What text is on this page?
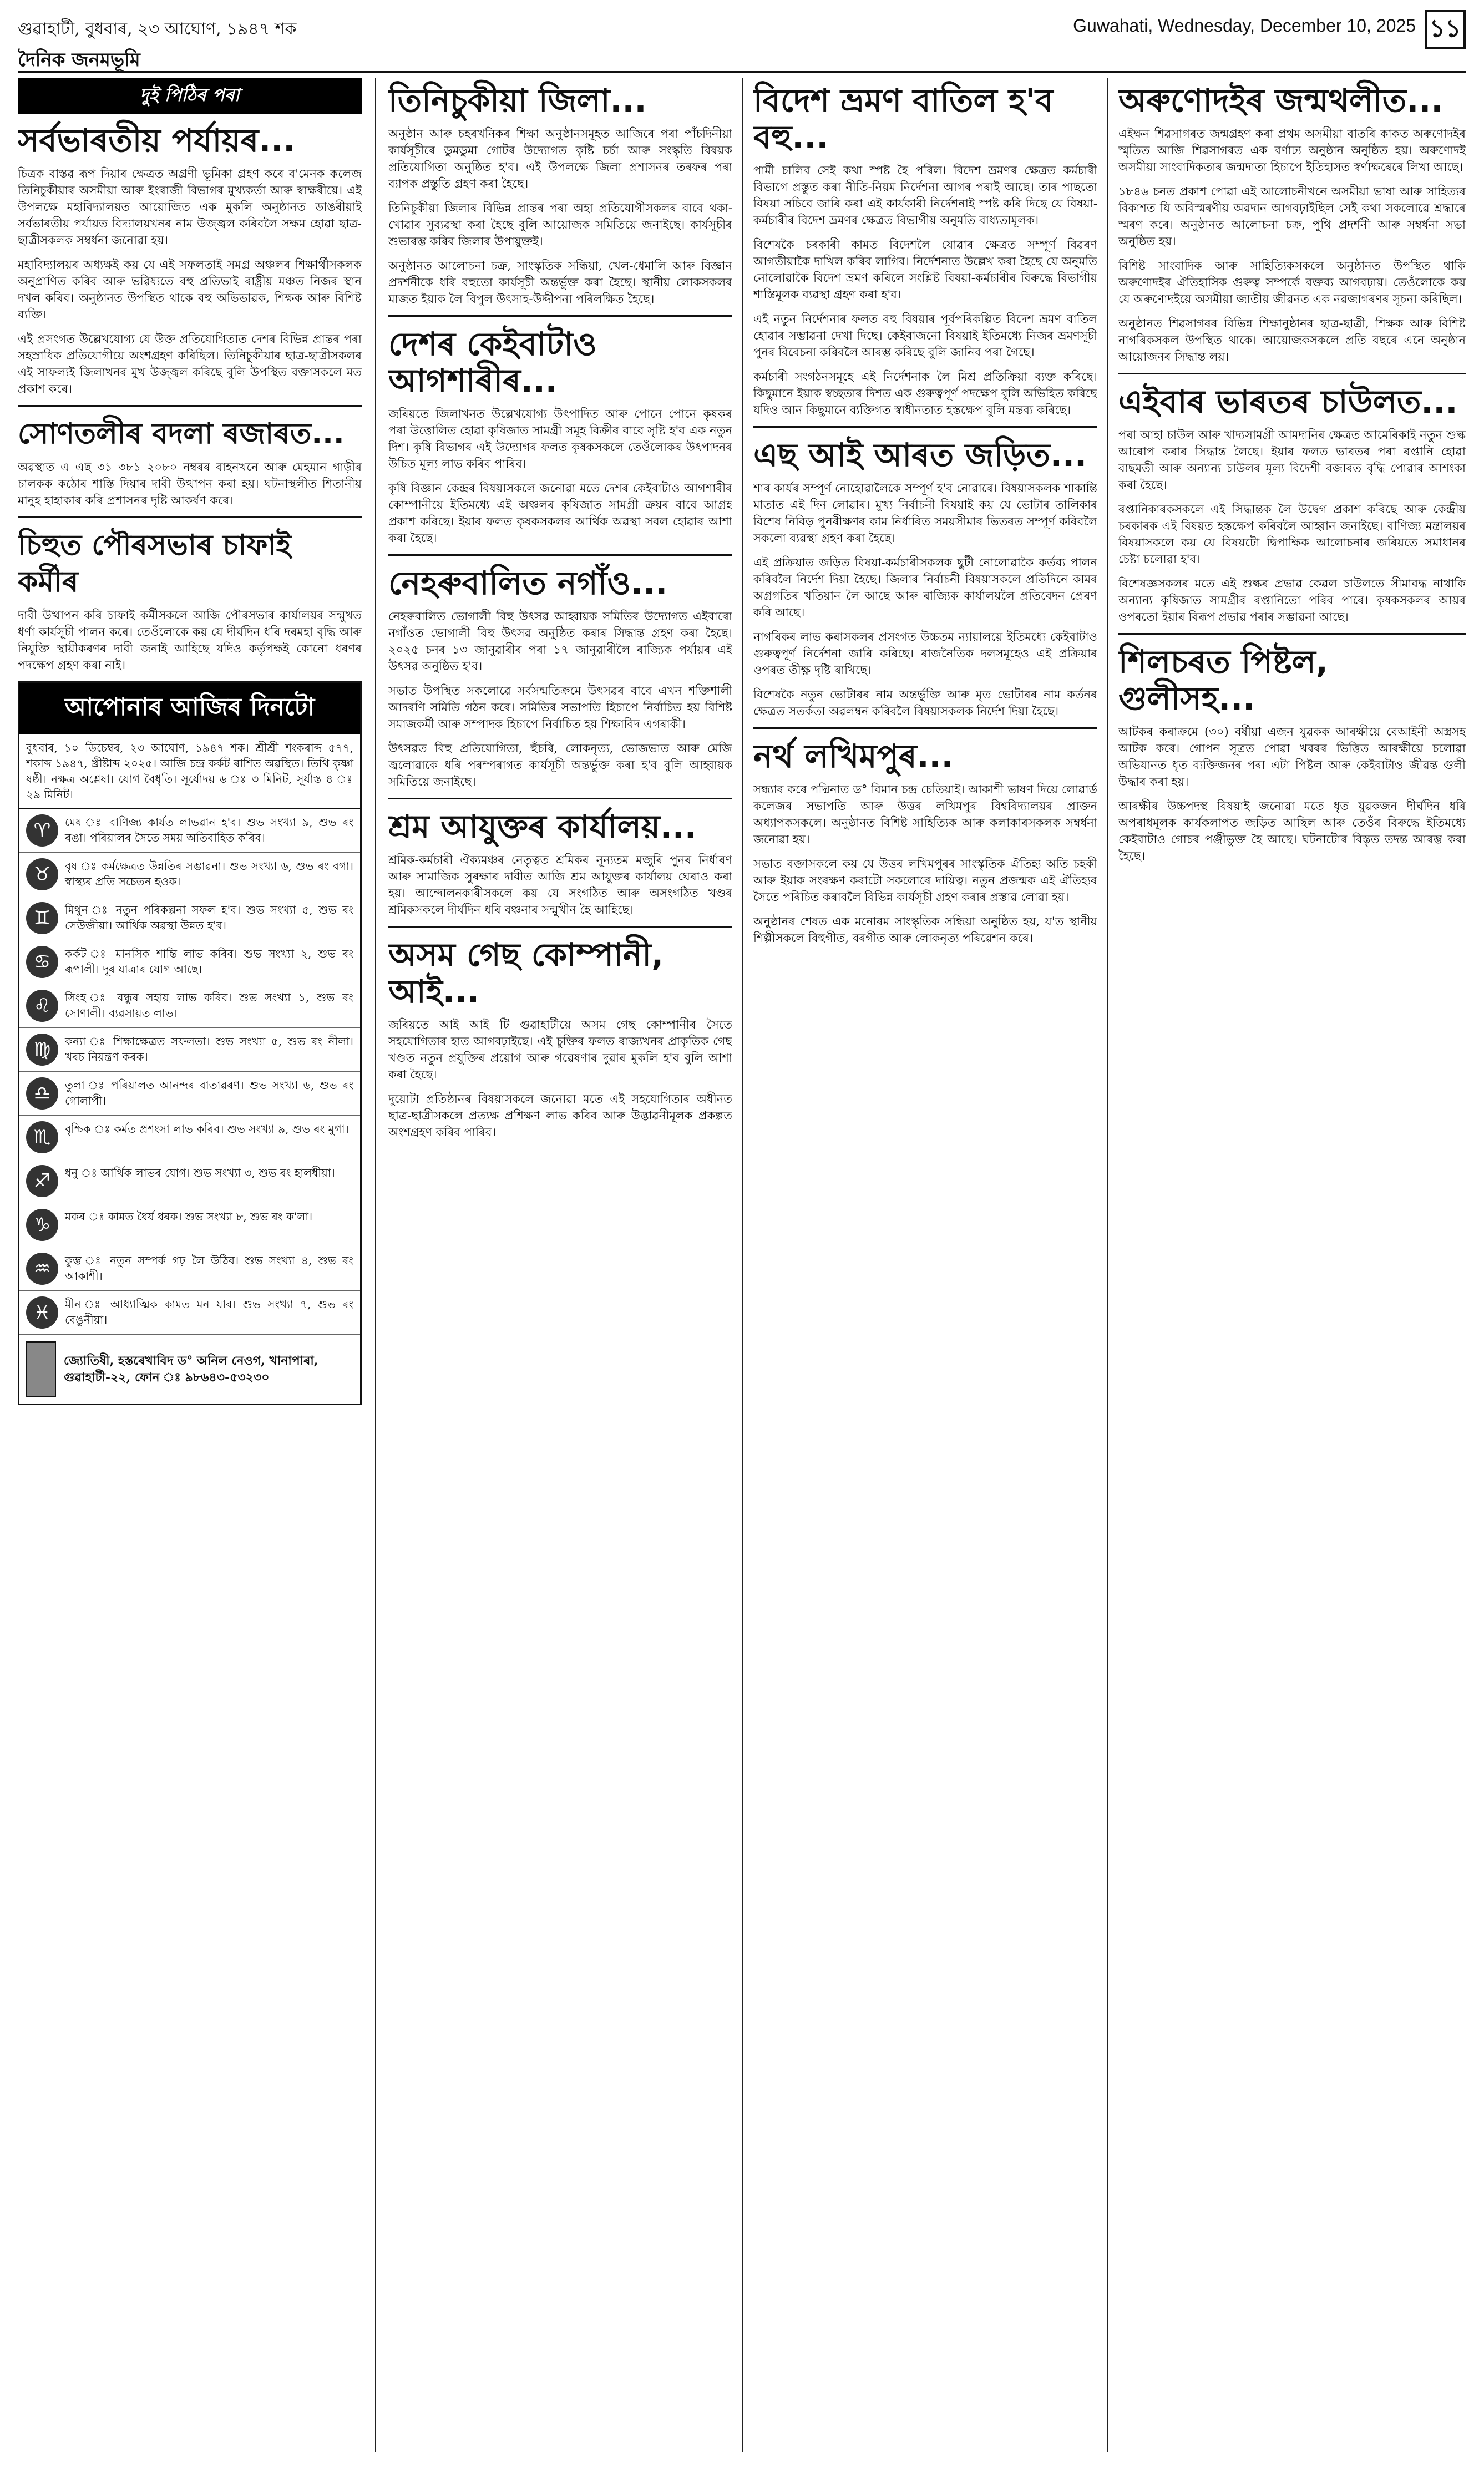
গুৱাহাটী, বুধবাৰ, ২৩ আঘোণ, ১৯৪৭ শক	Guwahati, Wednesday, December 10, 2025 ১১
দৈনিক জনমভূমি
দুই পিঠিৰ পৰা
সৰ্বভাৰতীয় পৰ্যায়ৰ...

চিত্ৰক বাস্তৱ ৰূপ দিয়াৰ ক্ষেত্ৰত অগ্ৰণী ভূমিকা গ্ৰহণ কৰে ব'মেনক কলেজ তিনিচুকীয়াৰ অসমীয়া আৰু ইংৰাজী বিভাগৰ মুখ্যকৰ্তা আৰু স্বাক্ষৰীয়ে। এই উপলক্ষে মহাবিদ্যালয়ত আয়োজিত এক মুকলি অনুষ্ঠানত ডাঙৰীয়াই সৰ্বভাৰতীয় পৰ্যায়ত বিদ্যালয়খনৰ নাম উজ্জ্বল কৰিবলৈ সক্ষম হোৱা ছাত্ৰ-ছাত্ৰীসকলক সম্বৰ্ধনা জনোৱা হয়।

মহাবিদ্যালয়ৰ অধ্যক্ষই কয় যে এই সফলতাই সমগ্ৰ অঞ্চলৰ শিক্ষাৰ্থীসকলক অনুপ্ৰাণিত কৰিব আৰু ভৱিষ্যতে বহু প্ৰতিভাই ৰাষ্ট্ৰীয় মঞ্চত নিজৰ স্থান দখল কৰিব। অনুষ্ঠানত উপস্থিত থাকে বহু অভিভাৱক, শিক্ষক আৰু বিশিষ্ট ব্যক্তি।

এই প্ৰসংগত উল্লেখযোগ্য যে উক্ত প্ৰতিযোগিতাত দেশৰ বিভিন্ন প্ৰান্তৰ পৰা সহস্ৰাধিক প্ৰতিযোগীয়ে অংশগ্ৰহণ কৰিছিল। তিনিচুকীয়াৰ ছাত্ৰ-ছাত্ৰীসকলৰ এই সাফল্যই জিলাখনৰ মুখ উজ্জ্বল কৰিছে বুলি উপস্থিত বক্তাসকলে মত প্ৰকাশ কৰে।

সোণতলীৰ বদলা ৰজাৰত...

অৱস্থাত এ এছ ৩১ ৩৮১ ২০৮০ নম্বৰৰ বাহনখনে আৰু মেহমান গাড়ীৰ চালকক কঠোৰ শাস্তি দিয়াৰ দাবী উত্থাপন কৰা হয়। ঘটনাস্থলীত শিতানীয় মানুহ হাহাকাৰ কৰি প্ৰশাসনৰ দৃষ্টি আকৰ্ষণ কৰে।

চিহুত পৌৰসভাৰ চাফাই কৰ্মীৰ

দাবী উত্থাপন কৰি চাফাই কৰ্মীসকলে আজি পৌৰসভাৰ কাৰ্যালয়ৰ সন্মুখত ধৰ্ণা কাৰ্যসূচী পালন কৰে। তেওঁলোকে কয় যে দীৰ্ঘদিন ধৰি দৰমহা বৃদ্ধি আৰু নিযুক্তি স্থায়ীকৰণৰ দাবী জনাই আহিছে যদিও কৰ্তৃপক্ষই কোনো ধৰণৰ পদক্ষেপ গ্ৰহণ কৰা নাই।

আপোনাৰ আজিৰ দিনটো
বুধবাৰ, ১০ ডিচেম্বৰ, ২৩ আঘোণ, ১৯৪৭ শক। শ্ৰীশ্ৰী শংকৰাব্দ ৫৭৭, শকাব্দ ১৯৪৭, খ্ৰীষ্টাব্দ ২০২৫। আজি চন্দ্ৰ কৰ্কট ৰাশিত অৱস্থিত। তিথি কৃষ্ণা ষষ্ঠী। নক্ষত্ৰ অশ্লেষা। যোগ বৈধৃতি। সূৰ্যোদয় ৬ ঃ ৩ মিনিট, সূৰ্যাস্ত ৪ ঃ ২৯ মিনিট।
♈	মেষ ঃ বাণিজ্য কাৰ্যত লাভৱান হ'ব। শুভ সংখ্যা ৯, শুভ ৰং ৰঙা। পৰিয়ালৰ সৈতে সময় অতিবাহিত কৰিব।
♉	বৃষ ঃ কৰ্মক্ষেত্ৰত উন্নতিৰ সম্ভাৱনা। শুভ সংখ্যা ৬, শুভ ৰং বগা। স্বাস্থ্যৰ প্ৰতি সচেতন হওক।
♊	মিথুন ঃ নতুন পৰিকল্পনা সফল হ'ব। শুভ সংখ্যা ৫, শুভ ৰং সেউজীয়া। আৰ্থিক অৱস্থা উন্নত হ'ব।
♋	কৰ্কট ঃ মানসিক শান্তি লাভ কৰিব। শুভ সংখ্যা ২, শুভ ৰং ৰূপালী। দূৰ যাত্ৰাৰ যোগ আছে।
♌	সিংহ ঃ বন্ধুৰ সহায় লাভ কৰিব। শুভ সংখ্যা ১, শুভ ৰং সোণালী। ব্যৱসায়ত লাভ।
♍	কন্যা ঃ শিক্ষাক্ষেত্ৰত সফলতা। শুভ সংখ্যা ৫, শুভ ৰং নীলা। খৰচ নিয়ন্ত্ৰণ কৰক।
♎	তুলা ঃ পৰিয়ালত আনন্দৰ বাতাৱৰণ। শুভ সংখ্যা ৬, শুভ ৰং গোলাপী।
♏	বৃশ্চিক ঃ কৰ্মত প্ৰশংসা লাভ কৰিব। শুভ সংখ্যা ৯, শুভ ৰং মুগা।
♐	ধনু ঃ আৰ্থিক লাভৰ যোগ। শুভ সংখ্যা ৩, শুভ ৰং হালধীয়া।
♑	মকৰ ঃ কামত ধৈৰ্য ধৰক। শুভ সংখ্যা ৮, শুভ ৰং ক'লা।
♒	কুম্ভ ঃ নতুন সম্পৰ্ক গঢ় লৈ উঠিব। শুভ সংখ্যা ৪, শুভ ৰং আকাশী।
♓	মীন ঃ আধ্যাত্মিক কামত মন যাব। শুভ সংখ্যা ৭, শুভ ৰং বেঙুনীয়া।
জ্যোতিষী, হস্তৰেখাবিদ ড° অনিল নেওগ, খানাপাৰা, গুৱাহাটী-২২, ফোন ঃ ৯৮৬৪৩-৫৩২৩০
তিনিচুকীয়া জিলা...

অনুষ্ঠান আৰু চহৰখনিকৰ শিক্ষা অনুষ্ঠানসমূহত আজিৰে পৰা পাঁচদিনীয়া কাৰ্যসূচীৰে ডুমডুমা গোটৰ উদ্যোগত কৃষ্টি চৰ্চা আৰু সংস্কৃতি বিষয়ক প্ৰতিযোগিতা অনুষ্ঠিত হ'ব। এই উপলক্ষে জিলা প্ৰশাসনৰ তৰফৰ পৰা ব্যাপক প্ৰস্তুতি গ্ৰহণ কৰা হৈছে।

তিনিচুকীয়া জিলাৰ বিভিন্ন প্ৰান্তৰ পৰা অহা প্ৰতিযোগীসকলৰ বাবে থকা-খোৱাৰ সুব্যৱস্থা কৰা হৈছে বুলি আয়োজক সমিতিয়ে জনাইছে। কাৰ্যসূচীৰ শুভাৰম্ভ কৰিব জিলাৰ উপায়ুক্তই।

অনুষ্ঠানত আলোচনা চক্ৰ, সাংস্কৃতিক সন্ধিয়া, খেল-ধেমালি আৰু বিজ্ঞান প্ৰদৰ্শনীকে ধৰি বহুতো কাৰ্যসূচী অন্তৰ্ভুক্ত কৰা হৈছে। স্থানীয় লোকসকলৰ মাজত ইয়াক লৈ বিপুল উৎসাহ-উদ্দীপনা পৰিলক্ষিত হৈছে।

দেশৰ কেইবাটাও আগশাৰীৰ...

জৰিয়তে জিলাখনত উল্লেখযোগ্য উৎপাদিত আৰু পোনে পোনে কৃষকৰ পৰা উত্তোলিত হোৱা কৃষিজাত সামগ্ৰী সমূহ বিক্ৰীৰ বাবে সৃষ্টি হ'ব এক নতুন দিশ। কৃষি বিভাগৰ এই উদ্যোগৰ ফলত কৃষকসকলে তেওঁলোকৰ উৎপাদনৰ উচিত মূল্য লাভ কৰিব পাৰিব।

কৃষি বিজ্ঞান কেন্দ্ৰৰ বিষয়াসকলে জনোৱা মতে দেশৰ কেইবাটাও আগশাৰীৰ কোম্পানীয়ে ইতিমধ্যে এই অঞ্চলৰ কৃষিজাত সামগ্ৰী ক্ৰয়ৰ বাবে আগ্ৰহ প্ৰকাশ কৰিছে। ইয়াৰ ফলত কৃষকসকলৰ আৰ্থিক অৱস্থা সবল হোৱাৰ আশা কৰা হৈছে।

নেহৰুবালিত নগাঁও...

নেহৰুবালিত ভোগালী বিহু উৎসৱ আহ্বায়ক সমিতিৰ উদ্যোগত এইবাৰো নগাঁওত ভোগালী বিহু উৎসৱ অনুষ্ঠিত কৰাৰ সিদ্ধান্ত গ্ৰহণ কৰা হৈছে। ২০২৫ চনৰ ১৩ জানুৱাৰীৰ পৰা ১৭ জানুৱাৰীলৈ ৰাজ্যিক পৰ্যায়ৰ এই উৎসৱ অনুষ্ঠিত হ'ব।

সভাত উপস্থিত সকলোৱে সৰ্বসন্মতিক্ৰমে উৎসৱৰ বাবে এখন শক্তিশালী আদৰণি সমিতি গঠন কৰে। সমিতিৰ সভাপতি হিচাপে নিৰ্বাচিত হয় বিশিষ্ট সমাজকৰ্মী আৰু সম্পাদক হিচাপে নিৰ্বাচিত হয় শিক্ষাবিদ এগৰাকী।

উৎসৱত বিহু প্ৰতিযোগিতা, হুঁচৰি, লোকনৃত্য, ভোজভাত আৰু মেজি জ্বলোৱাকে ধৰি পৰম্পৰাগত কাৰ্যসূচী অন্তৰ্ভুক্ত কৰা হ'ব বুলি আহ্বায়ক সমিতিয়ে জনাইছে।

শ্ৰম আযুক্তৰ কাৰ্যালয়...

শ্ৰমিক-কৰ্মচাৰী ঐক্যমঞ্চৰ নেতৃত্বত শ্ৰমিকৰ নূন্যতম মজুৰি পুনৰ নিৰ্ধাৰণ আৰু সামাজিক সুৰক্ষাৰ দাবীত আজি শ্ৰম আযুক্তৰ কাৰ্যালয় ঘেৰাও কৰা হয়। আন্দোলনকাৰীসকলে কয় যে সংগঠিত আৰু অসংগঠিত খণ্ডৰ শ্ৰমিকসকলে দীৰ্ঘদিন ধৰি বঞ্চনাৰ সন্মুখীন হৈ আহিছে।

অসম গেছ কোম্পানী, আই...

জৰিয়তে আই আই টি গুৱাহাটীয়ে অসম গেছ কোম্পানীৰ সৈতে সহযোগিতাৰ হাত আগবঢ়াইছে। এই চুক্তিৰ ফলত ৰাজ্যখনৰ প্ৰাকৃতিক গেছ খণ্ডত নতুন প্ৰযুক্তিৰ প্ৰয়োগ আৰু গৱেষণাৰ দুৱাৰ মুকলি হ'ব বুলি আশা কৰা হৈছে।

দুয়োটা প্ৰতিষ্ঠানৰ বিষয়াসকলে জনোৱা মতে এই সহযোগিতাৰ অধীনত ছাত্ৰ-ছাত্ৰীসকলে প্ৰত্যক্ষ প্ৰশিক্ষণ লাভ কৰিব আৰু উদ্ভাৱনীমূলক প্ৰকল্পত অংশগ্ৰহণ কৰিব পাৰিব।

বিদেশ ভ্ৰমণ বাতিল হ'ব বহু...

পাৰ্মী চালিব সেই কথা স্পষ্ট হৈ পৰিল। বিদেশ ভ্ৰমণৰ ক্ষেত্ৰত কৰ্মচাৰী বিভাগে প্ৰস্তুত কৰা নীতি-নিয়ম নিৰ্দেশনা আগৰ পৰাই আছে। তাৰ পাছতো বিষয়া সচিবে জাৰি কৰা এই কাৰ্যকাৰী নিৰ্দেশনাই স্পষ্ট কৰি দিছে যে বিষয়া-কৰ্মচাৰীৰ বিদেশ ভ্ৰমণৰ ক্ষেত্ৰত বিভাগীয় অনুমতি বাধ্যতামূলক।

বিশেষকৈ চৰকাৰী কামত বিদেশলৈ যোৱাৰ ক্ষেত্ৰত সম্পূৰ্ণ বিৱৰণ আগতীয়াকৈ দাখিল কৰিব লাগিব। নিৰ্দেশনাত উল্লেখ কৰা হৈছে যে অনুমতি নোলোৱাকৈ বিদেশ ভ্ৰমণ কৰিলে সংশ্লিষ্ট বিষয়া-কৰ্মচাৰীৰ বিৰুদ্ধে বিভাগীয় শাস্তিমূলক ব্যৱস্থা গ্ৰহণ কৰা হ'ব।

এই নতুন নিৰ্দেশনাৰ ফলত বহু বিষয়াৰ পূৰ্বপৰিকল্পিত বিদেশ ভ্ৰমণ বাতিল হোৱাৰ সম্ভাৱনা দেখা দিছে। কেইবাজনো বিষয়াই ইতিমধ্যে নিজৰ ভ্ৰমণসূচী পুনৰ বিবেচনা কৰিবলৈ আৰম্ভ কৰিছে বুলি জানিব পৰা গৈছে।

কৰ্মচাৰী সংগঠনসমূহে এই নিৰ্দেশনাক লৈ মিশ্ৰ প্ৰতিক্ৰিয়া ব্যক্ত কৰিছে। কিছুমানে ইয়াক স্বচ্ছতাৰ দিশত এক গুৰুত্বপূৰ্ণ পদক্ষেপ বুলি অভিহিত কৰিছে যদিও আন কিছুমানে ব্যক্তিগত স্বাধীনতাত হস্তক্ষেপ বুলি মন্তব্য কৰিছে।

এছ আই আৰত জড়িত...

শাৰ কাৰ্যৰ সম্পূৰ্ণ নোহোৱালৈকে সম্পূৰ্ণ হ'ব নোৱাৰে। বিষয়াসকলক শাকান্তি মাতাত এই দিন লোৱাৰ। মুখ্য নিৰ্বাচনী বিষয়াই কয় যে ভোটাৰ তালিকাৰ বিশেষ নিবিড় পুনৰীক্ষণৰ কাম নিৰ্ধাৰিত সময়সীমাৰ ভিতৰত সম্পূৰ্ণ কৰিবলৈ সকলো ব্যৱস্থা গ্ৰহণ কৰা হৈছে।

এই প্ৰক্ৰিয়াত জড়িত বিষয়া-কৰ্মচাৰীসকলক ছুটী নোলোৱাকৈ কৰ্তব্য পালন কৰিবলৈ নিৰ্দেশ দিয়া হৈছে। জিলাৰ নিৰ্বাচনী বিষয়াসকলে প্ৰতিদিনে কামৰ অগ্ৰগতিৰ খতিয়ান লৈ আছে আৰু ৰাজ্যিক কাৰ্যালয়লৈ প্ৰতিবেদন প্ৰেৰণ কৰি আছে।

নাগৰিকৰ লাভ কৰাসকলৰ প্ৰসংগত উচ্চতম ন্যায়ালয়ে ইতিমধ্যে কেইবাটাও গুৰুত্বপূৰ্ণ নিৰ্দেশনা জাৰি কৰিছে। ৰাজনৈতিক দলসমূহেও এই প্ৰক্ৰিয়াৰ ওপৰত তীক্ষ্ণ দৃষ্টি ৰাখিছে।

বিশেষকৈ নতুন ভোটাৰৰ নাম অন্তৰ্ভুক্তি আৰু মৃত ভোটাৰৰ নাম কৰ্তনৰ ক্ষেত্ৰত সতৰ্কতা অৱলম্বন কৰিবলৈ বিষয়াসকলক নিৰ্দেশ দিয়া হৈছে।

নৰ্থ লখিমপুৰ...

সন্ধ্যাৰ কৰে পদ্মিনাত ড° বিমান চন্দ্ৰ চেতিয়াই। আকাশী ভাষণ দিয়ে লোৱাৰ্ড কলেজৰ সভাপতি আৰু উত্তৰ লখিমপুৰ বিশ্ববিদ্যালয়ৰ প্ৰাক্তন অধ্যাপকসকলে। অনুষ্ঠানত বিশিষ্ট সাহিত্যিক আৰু কলাকাৰসকলক সম্বৰ্ধনা জনোৱা হয়।

সভাত বক্তাসকলে কয় যে উত্তৰ লখিমপুৰৰ সাংস্কৃতিক ঐতিহ্য অতি চহকী আৰু ইয়াক সংৰক্ষণ কৰাটো সকলোৰে দায়িত্ব। নতুন প্ৰজন্মক এই ঐতিহ্যৰ সৈতে পৰিচিত কৰাবলৈ বিভিন্ন কাৰ্যসূচী গ্ৰহণ কৰাৰ প্ৰস্তাৱ লোৱা হয়।

অনুষ্ঠানৰ শেষত এক মনোৰম সাংস্কৃতিক সন্ধিয়া অনুষ্ঠিত হয়, য'ত স্থানীয় শিল্পীসকলে বিহুগীত, বৰগীত আৰু লোকনৃত্য পৰিৱেশন কৰে।

অৰুণোদইৰ জন্মথলীত...

এইক্ষন শিৱসাগৰত জন্মগ্ৰহণ কৰা প্ৰথম অসমীয়া বাতৰি কাকত অৰুণোদইৰ স্মৃতিত আজি শিৱসাগৰত এক বৰ্ণাঢ্য অনুষ্ঠান অনুষ্ঠিত হয়। অৰুণোদই অসমীয়া সাংবাদিকতাৰ জন্মদাতা হিচাপে ইতিহাসত স্বৰ্ণাক্ষৰেৰে লিখা আছে।

১৮৪৬ চনত প্ৰকাশ পোৱা এই আলোচনীখনে অসমীয়া ভাষা আৰু সাহিত্যৰ বিকাশত যি অবিস্মৰণীয় অৱদান আগবঢ়াইছিল সেই কথা সকলোৱে শ্ৰদ্ধাৰে স্মৰণ কৰে। অনুষ্ঠানত আলোচনা চক্ৰ, পুথি প্ৰদৰ্শনী আৰু সম্বৰ্ধনা সভা অনুষ্ঠিত হয়।

বিশিষ্ট সাংবাদিক আৰু সাহিত্যিকসকলে অনুষ্ঠানত উপস্থিত থাকি অৰুণোদইৰ ঐতিহাসিক গুৰুত্ব সম্পৰ্কে বক্তব্য আগবঢ়ায়। তেওঁলোকে কয় যে অৰুণোদইয়ে অসমীয়া জাতীয় জীৱনত এক নৱজাগৰণৰ সূচনা কৰিছিল।

অনুষ্ঠানত শিৱসাগৰৰ বিভিন্ন শিক্ষানুষ্ঠানৰ ছাত্ৰ-ছাত্ৰী, শিক্ষক আৰু বিশিষ্ট নাগৰিকসকল উপস্থিত থাকে। আয়োজকসকলে প্ৰতি বছৰে এনে অনুষ্ঠান আয়োজনৰ সিদ্ধান্ত লয়।

এইবাৰ ভাৰতৰ চাউলত...

পৰা আহা চাউল আৰু খাদ্যসামগ্ৰী আমদানিৰ ক্ষেত্ৰত আমেৰিকাই নতুন শুল্ক আৰোপ কৰাৰ সিদ্ধান্ত লৈছে। ইয়াৰ ফলত ভাৰতৰ পৰা ৰপ্তানি হোৱা বাছমতী আৰু অন্যান্য চাউলৰ মূল্য বিদেশী বজাৰত বৃদ্ধি পোৱাৰ আশংকা কৰা হৈছে।

ৰপ্তানিকাৰকসকলে এই সিদ্ধান্তক লৈ উদ্বেগ প্ৰকাশ কৰিছে আৰু কেন্দ্ৰীয় চৰকাৰক এই বিষয়ত হস্তক্ষেপ কৰিবলৈ আহ্বান জনাইছে। বাণিজ্য মন্ত্ৰালয়ৰ বিষয়াসকলে কয় যে বিষয়টো দ্বিপাক্ষিক আলোচনাৰ জৰিয়তে সমাধানৰ চেষ্টা চলোৱা হ'ব।

বিশেষজ্ঞসকলৰ মতে এই শুল্কৰ প্ৰভাৱ কেৱল চাউলতে সীমাবদ্ধ নাথাকি অন্যান্য কৃষিজাত সামগ্ৰীৰ ৰপ্তানিতো পৰিব পাৰে। কৃষকসকলৰ আয়ৰ ওপৰতো ইয়াৰ বিৰূপ প্ৰভাৱ পৰাৰ সম্ভাৱনা আছে।

শিলচৰত পিষ্টল, গুলীসহ...

আটকৰ কৰাক্ৰমে (৩০) বৰ্ষীয়া এজন যুৱকক আৰক্ষীয়ে বেআইনী অস্ত্ৰসহ আটক কৰে। গোপন সূত্ৰত পোৱা খবৰৰ ভিত্তিত আৰক্ষীয়ে চলোৱা অভিযানত ধৃত ব্যক্তিজনৰ পৰা এটা পিষ্টল আৰু কেইবাটাও জীৱন্ত গুলী উদ্ধাৰ কৰা হয়।

আৰক্ষীৰ উচ্চপদস্থ বিষয়াই জনোৱা মতে ধৃত যুৱকজন দীৰ্ঘদিন ধৰি অপৰাধমূলক কাৰ্যকলাপত জড়িত আছিল আৰু তেওঁৰ বিৰুদ্ধে ইতিমধ্যে কেইবাটাও গোচৰ পঞ্জীভুক্ত হৈ আছে। ঘটনাটোৰ বিস্তৃত তদন্ত আৰম্ভ কৰা হৈছে।
